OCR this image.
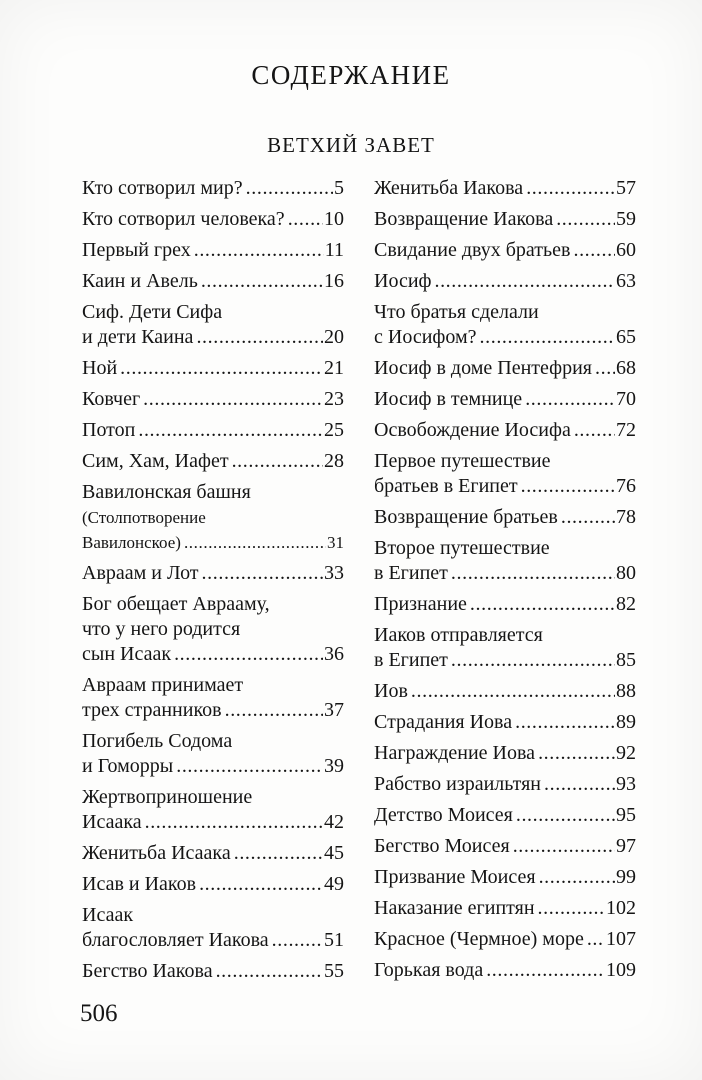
СОДЕРЖАНИЕ
ВЕТХИЙ ЗАВЕТ
Кто сотворил мир? .....	5
Кто сотворил человека? ..... 10
Первый грех .....	11
Каин и Авель .....	16
Сиф. Дети Сифа
и дети Каина .....	20
Ной .....	21
Ковчег .....	23
Потоп .....	25
Сим, Хам, Иафет .....	28
Вавилонская башня
(Столпотворение
Вавилонское) .....	31
Авраам и Лот .....	33
Бог обещает Аврааму,
что у него родится
сын Исаак .....	36
Авраам принимает
трех странников .....	37
Погибель Содома
и Гоморры .....	39
Жертвоприношение
Исаака .....	42
Женитьба Исаака .....	45
Исав и Иаков .....	49
Исаак
благословляет Иакова .....	51
Бегство Иакова .....	55
Женитьба Иакова .....	57
Возвращение Иакова .....	59
Свидание двух братьев ..... 60
Иосиф .....	63
Что братья сделали
с Иосифом? .....	65
Иосиф в доме Пентефрия ..... 68
Иосиф в темнице .....	70
Освобождение Иосифа ..... 72
Первое путешествие
братьев в Египет .....	76
Возвращение братьев .....	78
Второе путешествие
в Египет .....	80
Признание .....	82
Иаков отправляется
в Египет .....	85
Иов .....	88
Страдания Иова .....	89
Награждение Иова .....	92
Рабство израильтян .....	93
Детство Моисея .....	95
Бегство Моисея .....	97
Призвание Моисея .....	99
Наказание египтян .....	102
Красное (Чермное) море ..... 107
Горькая вода .....	109
506
